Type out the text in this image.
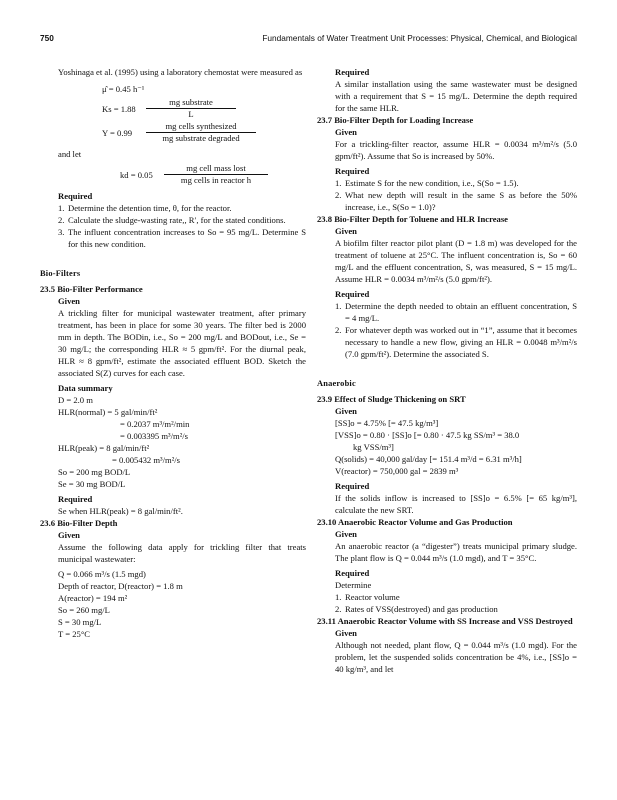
750	Fundamentals of Water Treatment Unit Processes: Physical, Chemical, and Biological

Yoshinaga et al. (1995) using a laboratory chemostat were measured as

μ̂ = 0.45 h⁻¹
Ks = 1.88
mg substrate
L
Y = 0.99
mg cells synthesized
mg substrate degraded

and let

kd = 0.05
mg cell mass lost
mg cells in reactor h
Required
1. Determine the detention time, θ, for the reactor.
2. Calculate the sludge-wasting rate,, R′, for the stated conditions.
3. The influent concentration increases to So = 95 mg/L. Determine S for this new condition.
Bio-Filters
23.5 Bio-Filter Performance
Given

A trickling filter for municipal wastewater treatment, after primary treatment, has been in place for some 30 years. The filter bed is 2000 mm in depth. The BODin, i.e., So = 200 mg/L and BODout, i.e., Se = 30 mg/L; the corresponding HLR ≈ 5 gpm/ft². For the diurnal peak, HLR ≈ 8 gpm/ft², estimate the associated effluent BOD. Sketch the associated S(Z) curves for each case.

Data summary
D = 2.0 m
HLR(normal) = 5 gal/min/ft²
= 0.2037 m³/m²/min
= 0.003395 m³/m²/s
HLR(peak) = 8 gal/min/ft²
= 0.005432 m³/m²/s
So = 200 mg BOD/L
Se = 30 mg BOD/L
Required

Se when HLR(peak) = 8 gal/min/ft².

23.6 Bio-Filter Depth
Given

Assume the following data apply for trickling filter that treats municipal wastewater:

Q = 0.066 m³/s (1.5 mgd)
Depth of reactor, D(reactor) = 1.8 m
A(reactor) = 194 m²
So = 260 mg/L
S = 30 mg/L
T = 25°C
Required

A similar installation using the same wastewater must be designed with a requirement that S = 15 mg/L. Determine the depth required for the same HLR.

23.7 Bio-Filter Depth for Loading Increase
Given

For a trickling-filter reactor, assume HLR = 0.0034 m³/m²/s (5.0 gpm/ft²). Assume that So is increased by 50%.

Required
1. Estimate S for the new condition, i.e., S(So = 1.5).
2. What new depth will result in the same S as before the 50% increase, i.e., S(So = 1.0)?
23.8 Bio-Filter Depth for Toluene and HLR Increase
Given

A biofilm filter reactor pilot plant (D = 1.8 m) was developed for the treatment of toluene at 25°C. The influent concentration is, So = 60 mg/L and the effluent concentration, S, was measured, S = 15 mg/L. Assume HLR = 0.0034 m³/m²/s (5.0 gpm/ft²).

Required
1. Determine the depth needed to obtain an effluent concentration, S = 4 mg/L.
2. For whatever depth was worked out in “1”, assume that it becomes necessary to handle a new flow, giving an HLR = 0.0048 m³/m²/s (7.0 gpm/ft²). Determine the associated S.
Anaerobic
23.9 Effect of Sludge Thickening on SRT
Given
[SS]o = 4.75% [= 47.5 kg/m³]
[VSS]o = 0.80 · [SS]o [= 0.80 · 47.5 kg SS/m³ = 38.0
kg VSS/m³]
Q(solids) = 40,000 gal/day [= 151.4 m³/d = 6.31 m³/h]
V(reactor) = 750,000 gal = 2839 m³
Required

If the solids inflow is increased to [SS]o = 6.5% [= 65 kg/m³], calculate the new SRT.

23.10 Anaerobic Reactor Volume and Gas Production
Given

An anaerobic reactor (a “digester”) treats municipal primary sludge. The plant flow is Q = 0.044 m³/s (1.0 mgd), and T = 35°C.

Required
Determine
1. Reactor volume
2. Rates of VSS(destroyed) and gas production
23.11 Anaerobic Reactor Volume with SS Increase and VSS Destroyed
Given

Although not needed, plant flow, Q = 0.044 m³/s (1.0 mgd). For the problem, let the suspended solids concentration be 4%, i.e., [SS]o = 40 kg/m³, and let
